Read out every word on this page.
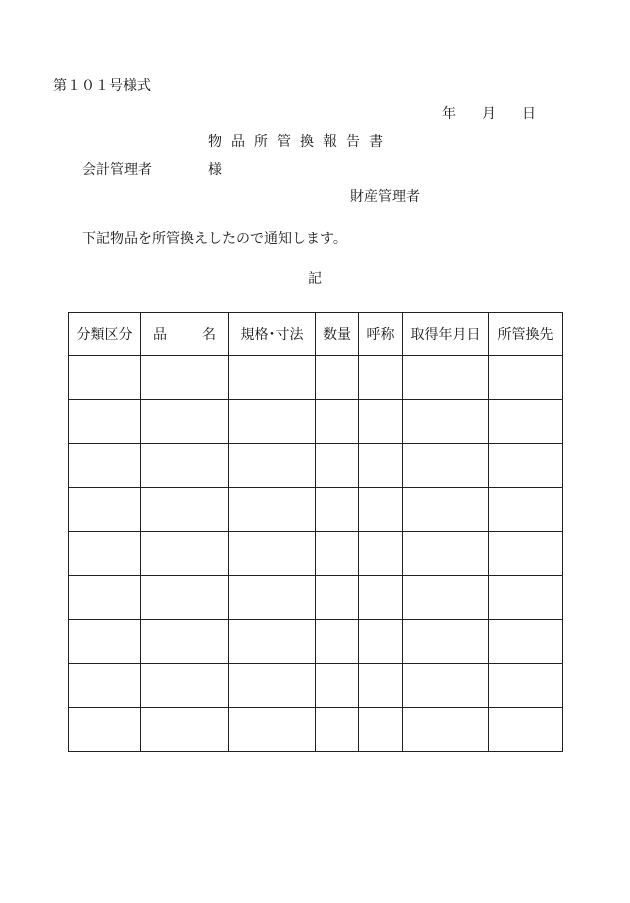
第１０１号様式
年 月 日
物品所管換報告書
会計管理者	様
財産管理者
下記物品を所管換えしたので通知します。
記
分類区分	品 名	規格･寸法	数量	呼称	取得年月日	所管換先
